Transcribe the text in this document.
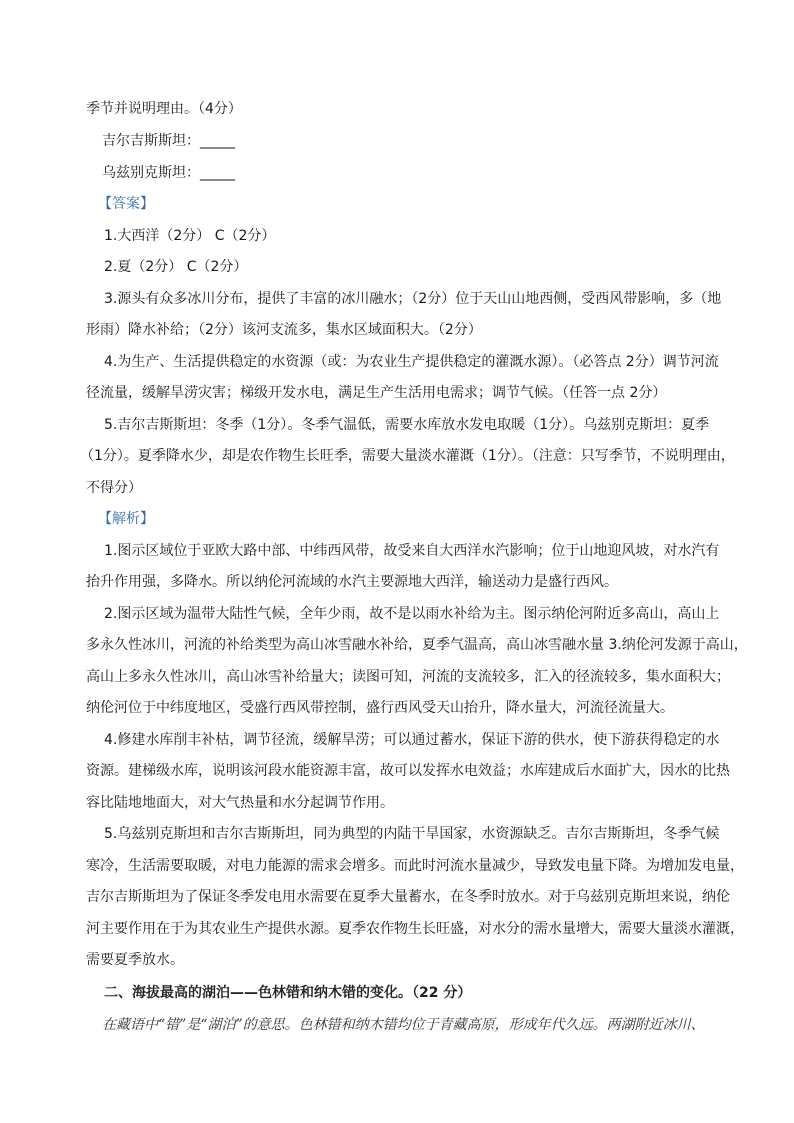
季节并说明理由。（4分）
吉尔吉斯斯坦：_____
乌兹别克斯坦：_____
【答案】
1.大西洋（2分） C（2分）
2.夏（2分） C（2分）
3.源头有众多冰川分布，提供了丰富的冰川融水；（2分）位于天山山地西侧，受西风带影响，多（地
形雨）降水补给；（2分）该河支流多，集水区域面积大。（2分）
4.为生产、生活提供稳定的水资源（或：为农业生产提供稳定的灌溉水源）。（必答点 2分）调节河流
径流量，缓解旱涝灾害；梯级开发水电，满足生产生活用电需求；调节气候。（任答一点 2分）
5.吉尔吉斯斯坦：冬季（1分）。冬季气温低，需要水库放水发电取暖（1分）。乌兹别克斯坦：夏季
（1分）。夏季降水少，却是农作物生长旺季，需要大量淡水灌溉（1分）。（注意：只写季节，不说明理由，
不得分）
【解析】
1.图示区域位于亚欧大路中部、中纬西风带，故受来自大西洋水汽影响；位于山地迎风坡，对水汽有
抬升作用强，多降水。所以纳伦河流域的水汽主要源地大西洋，输送动力是盛行西风。
2.图示区域为温带大陆性气候，全年少雨，故不是以雨水补给为主。图示纳伦河附近多高山，高山上
多永久性冰川，河流的补给类型为高山冰雪融水补给，夏季气温高，高山冰雪融水量 3.纳伦河发源于高山，
高山上多永久性冰川，高山冰雪补给量大；读图可知，河流的支流较多，汇入的径流较多，集水面积大；
纳伦河位于中纬度地区，受盛行西风带控制，盛行西风受天山抬升，降水量大，河流径流量大。
4.修建水库削丰补枯，调节径流，缓解旱涝；可以通过蓄水，保证下游的供水，使下游获得稳定的水
资源。建梯级水库，说明该河段水能资源丰富，故可以发挥水电效益；水库建成后水面扩大，因水的比热
容比陆地地面大，对大气热量和水分起调节作用。
5.乌兹别克斯坦和吉尔吉斯斯坦，同为典型的内陆干旱国家，水资源缺乏。吉尔吉斯斯坦，冬季气候
寒冷，生活需要取暖，对电力能源的需求会增多。而此时河流水量减少，导致发电量下降。为增加发电量，
吉尔吉斯斯坦为了保证冬季发电用水需要在夏季大量蓄水，在冬季时放水。对于乌兹别克斯坦来说，纳伦
河主要作用在于为其农业生产提供水源。夏季农作物生长旺盛，对水分的需水量增大，需要大量淡水灌溉，
需要夏季放水。
二、海拔最高的湖泊——色林错和纳木错的变化。（22 分）
在藏语中“错”是“湖泊”的意思。色林错和纳木错均位于青藏高原，形成年代久远。两湖附近冰川、
